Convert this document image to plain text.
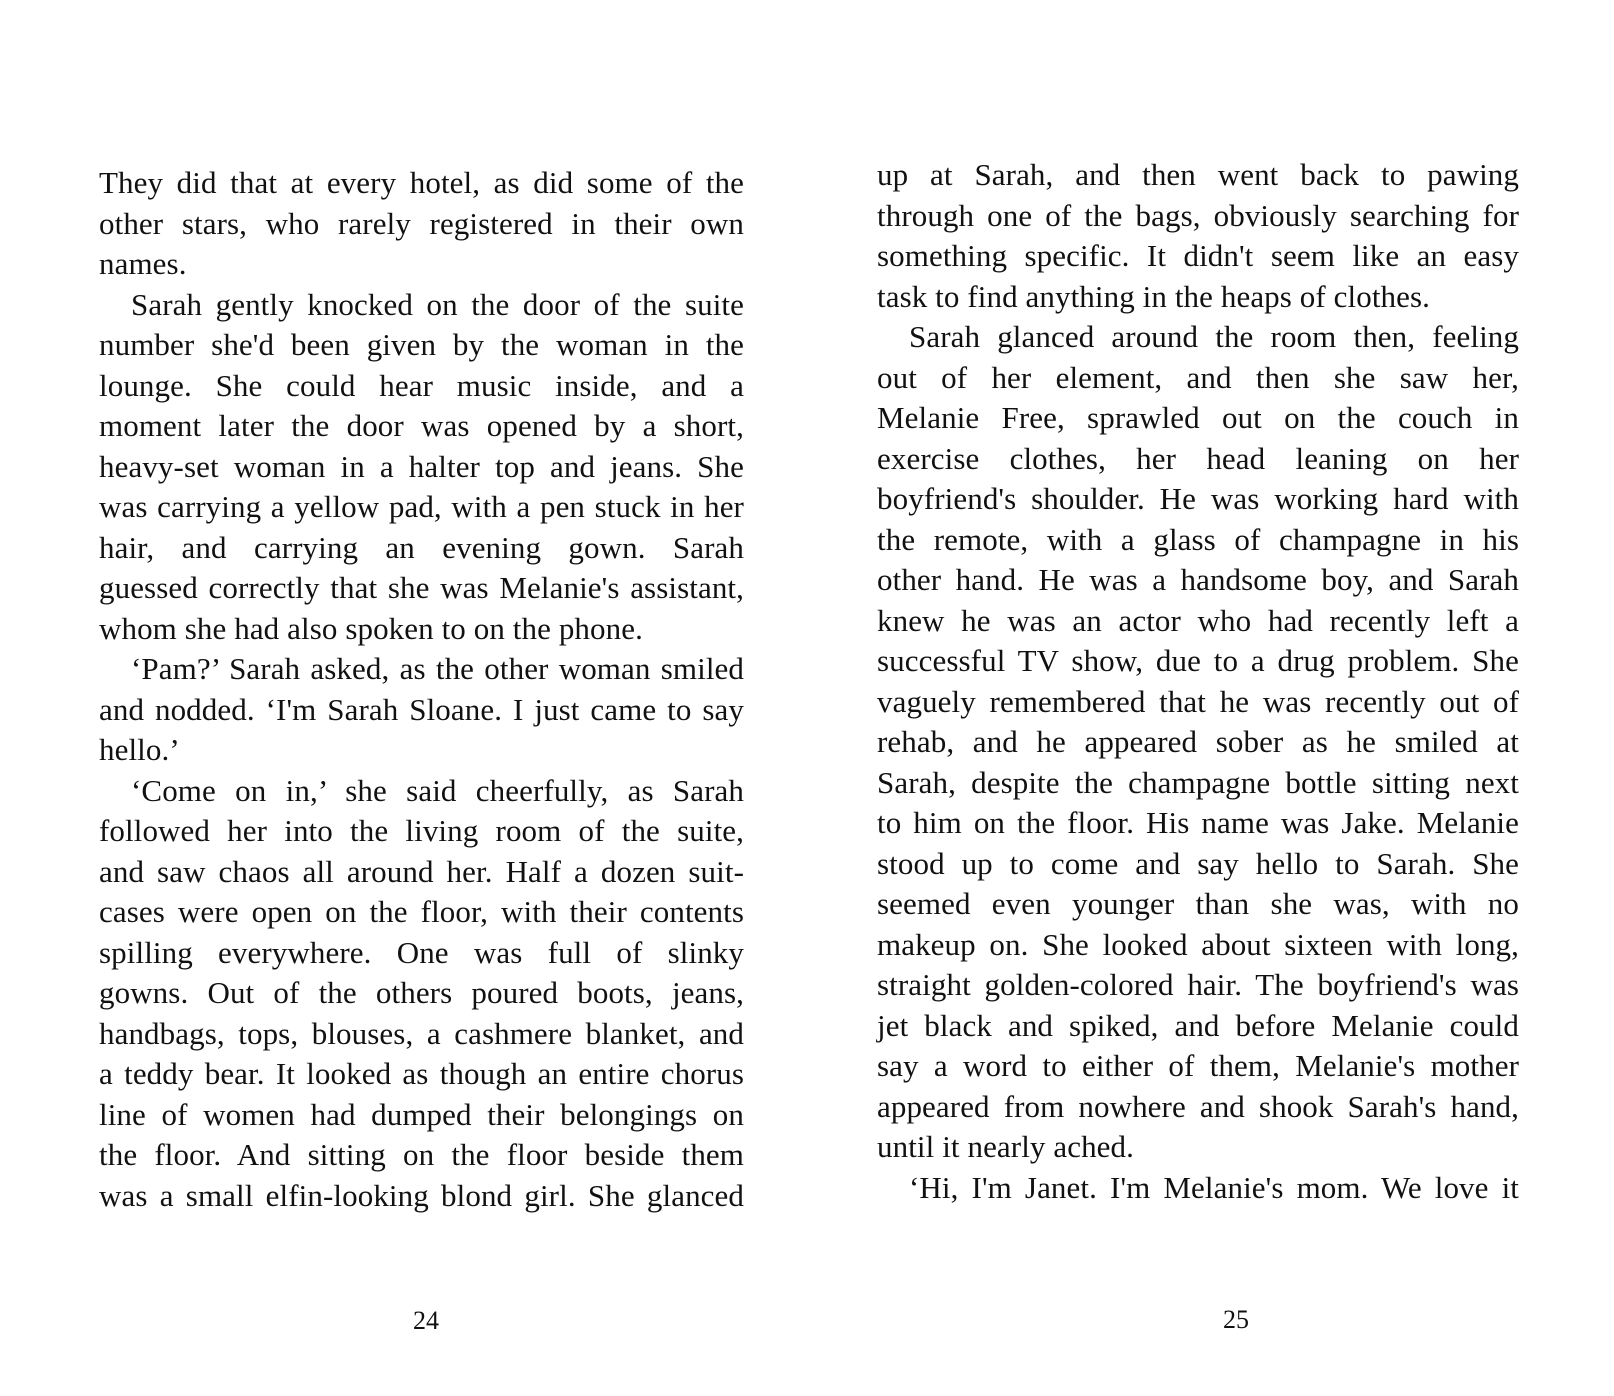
They did that at every hotel, as did some of the
other stars, who rarely registered in their own
names.
Sarah gently knocked on the door of the suite
number she'd been given by the woman in the
lounge. She could hear music inside, and a
moment later the door was opened by a short,
heavy-set woman in a halter top and jeans. She
was carrying a yellow pad, with a pen stuck in her
hair, and carrying an evening gown. Sarah
guessed correctly that she was Melanie's assistant,
whom she had also spoken to on the phone.
‘Pam?’ Sarah asked, as the other woman smiled
and nodded. ‘I'm Sarah Sloane. I just came to say
hello.’
‘Come on in,’ she said cheerfully, as Sarah
followed her into the living room of the suite,
and saw chaos all around her. Half a dozen suit-
cases were open on the floor, with their contents
spilling everywhere. One was full of slinky
gowns. Out of the others poured boots, jeans,
handbags, tops, blouses, a cashmere blanket, and
a teddy bear. It looked as though an entire chorus
line of women had dumped their belongings on
the floor. And sitting on the floor beside them
was a small elfin-looking blond girl. She glanced
24
up at Sarah, and then went back to pawing
through one of the bags, obviously searching for
something specific. It didn't seem like an easy
task to find anything in the heaps of clothes.
Sarah glanced around the room then, feeling
out of her element, and then she saw her,
Melanie Free, sprawled out on the couch in
exercise clothes, her head leaning on her
boyfriend's shoulder. He was working hard with
the remote, with a glass of champagne in his
other hand. He was a handsome boy, and Sarah
knew he was an actor who had recently left a
successful TV show, due to a drug problem. She
vaguely remembered that he was recently out of
rehab, and he appeared sober as he smiled at
Sarah, despite the champagne bottle sitting next
to him on the floor. His name was Jake. Melanie
stood up to come and say hello to Sarah. She
seemed even younger than she was, with no
makeup on. She looked about sixteen with long,
straight golden-colored hair. The boyfriend's was
jet black and spiked, and before Melanie could
say a word to either of them, Melanie's mother
appeared from nowhere and shook Sarah's hand,
until it nearly ached.
‘Hi, I'm Janet. I'm Melanie's mom. We love it
25
